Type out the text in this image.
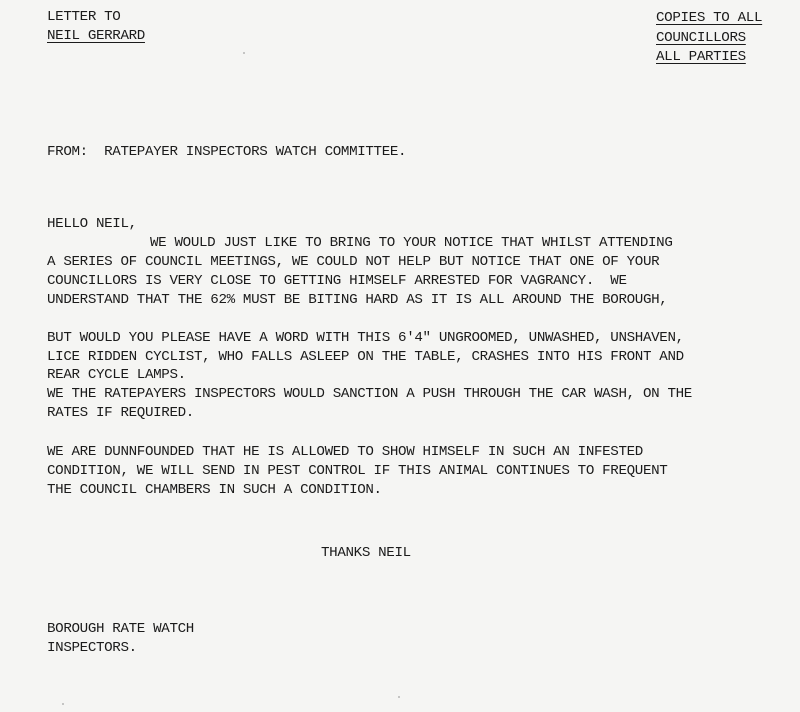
LETTER TO
NEIL GERRARD
COPIES TO ALL
COUNCILLORS
ALL PARTIES
FROM:  RATEPAYER INSPECTORS WATCH COMMITTEE.
HELLO NEIL,
WE WOULD JUST LIKE TO BRING TO YOUR NOTICE THAT WHILST ATTENDING
A SERIES OF COUNCIL MEETINGS, WE COULD NOT HELP BUT NOTICE THAT ONE OF YOUR
COUNCILLORS IS VERY CLOSE TO GETTING HIMSELF ARRESTED FOR VAGRANCY.  WE
UNDERSTAND THAT THE 62% MUST BE BITING HARD AS IT IS ALL AROUND THE BOROUGH,
BUT WOULD YOU PLEASE HAVE A WORD WITH THIS 6'4" UNGROOMED, UNWASHED, UNSHAVEN,
LICE RIDDEN CYCLIST, WHO FALLS ASLEEP ON THE TABLE, CRASHES INTO HIS FRONT AND
REAR CYCLE LAMPS.
WE THE RATEPAYERS INSPECTORS WOULD SANCTION A PUSH THROUGH THE CAR WASH, ON THE
RATES IF REQUIRED.
WE ARE DUNNFOUNDED THAT HE IS ALLOWED TO SHOW HIMSELF IN SUCH AN INFESTED
CONDITION, WE WILL SEND IN PEST CONTROL IF THIS ANIMAL CONTINUES TO FREQUENT
THE COUNCIL CHAMBERS IN SUCH A CONDITION.
THANKS NEIL
BOROUGH RATE WATCH
INSPECTORS.
